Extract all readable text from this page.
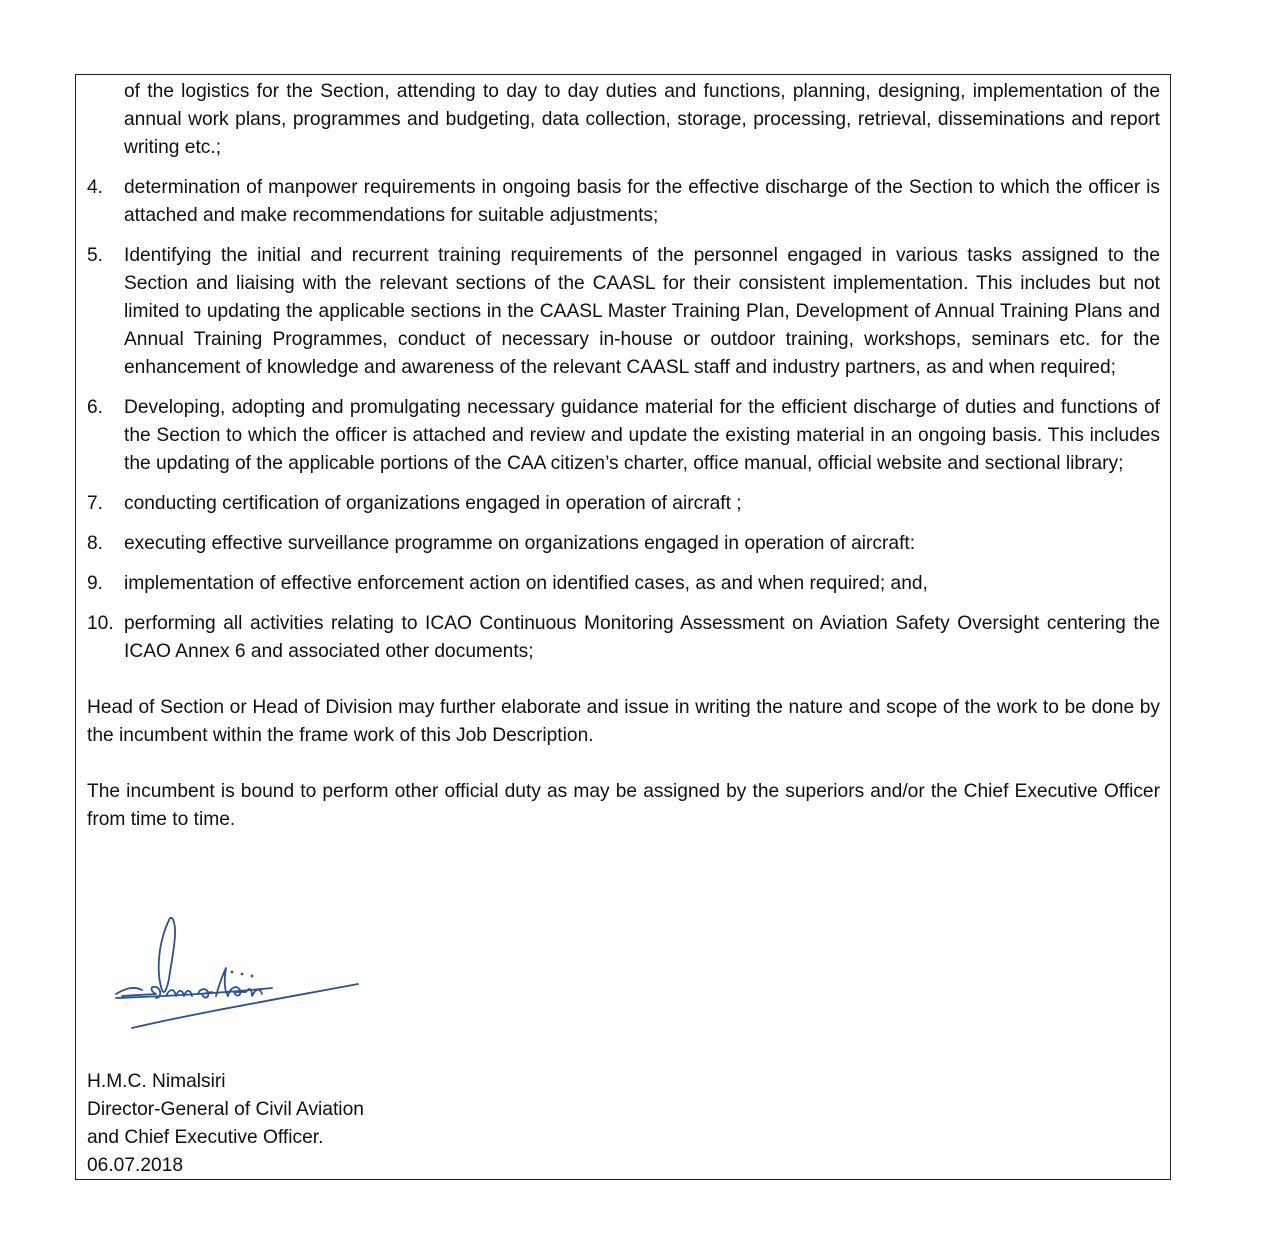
of the logistics for the Section, attending to day to day duties and functions, planning, designing, implementation of the annual work plans, programmes and budgeting, data collection, storage, processing, retrieval, disseminations and report writing etc.;

4.	determination of manpower requirements in ongoing basis for the effective discharge of the Section to which the officer is attached and make recommendations for suitable adjustments;
5.	Identifying the initial and recurrent training requirements of the personnel engaged in various tasks assigned to the Section and liaising with the relevant sections of the CAASL for their consistent implementation. This includes but not limited to updating the applicable sections in the CAASL Master Training Plan, Development of Annual Training Plans and Annual Training Programmes, conduct of necessary in-house or outdoor training, workshops, seminars etc. for the enhancement of knowledge and awareness of the relevant CAASL staff and industry partners, as and when required;
6.	Developing, adopting and promulgating necessary guidance material for the efficient discharge of duties and functions of the Section to which the officer is attached and review and update the existing material in an ongoing basis. This includes the updating of the applicable portions of the CAA citizen’s charter, office manual, official website and sectional library;
7.	conducting certification of organizations engaged in operation of aircraft ;
8.	executing effective surveillance programme on organizations engaged in operation of aircraft:
9.	implementation of effective enforcement action on identified cases, as and when required; and,
10. performing all activities relating to ICAO Continuous Monitoring Assessment on Aviation Safety Oversight centering the ICAO Annex 6 and associated other documents;

Head of Section or Head of Division may further elaborate and issue in writing the nature and scope of the work to be done by the incumbent within the frame work of this Job Description.

The incumbent is bound to perform other official duty as may be assigned by the superiors and/or the Chief Executive Officer from time to time.

H.M.C. Nimalsiri
Director-General of Civil Aviation
and Chief Executive Officer.
06.07.2018
